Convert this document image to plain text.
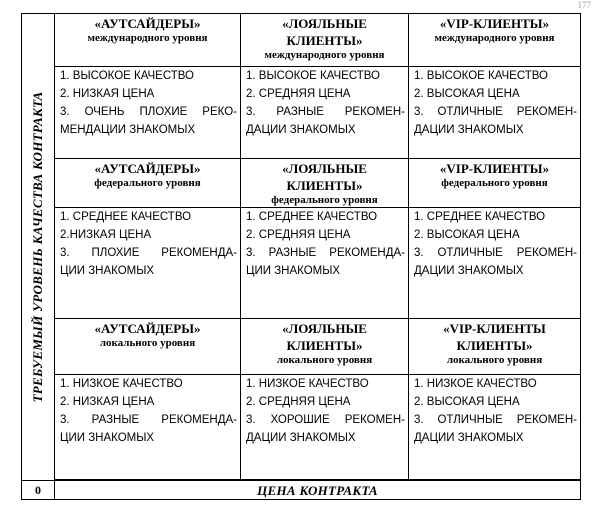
177
ТРЕБУЕМЫЙ УРОВЕНЬ КАЧЕСТВА КОНТРАКТА
«АУТСАЙДЕРЫ»
международного уровня
1. ВЫСОКОЕ КАЧЕСТВО
2. НИЗКАЯ ЦЕНА
3. ОЧЕНЬ ПЛОХИЕ РЕКО-
МЕНДАЦИИ ЗНАКОМЫХ
«ЛОЯЛЬНЫЕ
КЛИЕНТЫ»
международного уровня
1. ВЫСОКОЕ КАЧЕСТВО
2. СРЕДНЯЯ ЦЕНА
3. РАЗНЫЕ РЕКОМЕН-
ДАЦИИ ЗНАКОМЫХ
«VIP-КЛИЕНТЫ»
международного уровня
1. ВЫСОКОЕ КАЧЕСТВО
2. ВЫСОКАЯ ЦЕНА
3. ОТЛИЧНЫЕ РЕКОМЕН-
ДАЦИИ ЗНАКОМЫХ
«АУТСАЙДЕРЫ»
федерального уровня
1. СРЕДНЕЕ КАЧЕСТВО
2.НИЗКАЯ ЦЕНА
3. ПЛОХИЕ РЕКОМЕНДА-
ЦИИ ЗНАКОМЫХ
«ЛОЯЛЬНЫЕ
КЛИЕНТЫ»
федерального уровня
1. СРЕДНЕЕ КАЧЕСТВО
2. СРЕДНЯЯ ЦЕНА
3. РАЗНЫЕ РЕКОМЕНДА-
ЦИИ ЗНАКОМЫХ
«VIP-КЛИЕНТЫ»
федерального уровня
1. СРЕДНЕЕ КАЧЕСТВО
2. ВЫСОКАЯ ЦЕНА
3. ОТЛИЧНЫЕ РЕКОМЕН-
ДАЦИИ ЗНАКОМЫХ
«АУТСАЙДЕРЫ»
локального уровня
1. НИЗКОЕ КАЧЕСТВО
2. НИЗКАЯ ЦЕНА
3. РАЗНЫЕ РЕКОМЕНДА-
ЦИИ ЗНАКОМЫХ
«ЛОЯЛЬНЫЕ
КЛИЕНТЫ»
локального уровня
1. НИЗКОЕ КАЧЕСТВО
2. СРЕДНЯЯ ЦЕНА
3. ХОРОШИЕ РЕКОМЕН-
ДАЦИИ ЗНАКОМЫХ
«VIP-КЛИЕНТЫ
КЛИЕНТЫ»
локального уровня
1. НИЗКОЕ КАЧЕСТВО
2. ВЫСОКАЯ ЦЕНА
3. ОТЛИЧНЫЕ РЕКОМЕН-
ДАЦИИ ЗНАКОМЫХ
0	ЦЕНА КОНТРАКТА
